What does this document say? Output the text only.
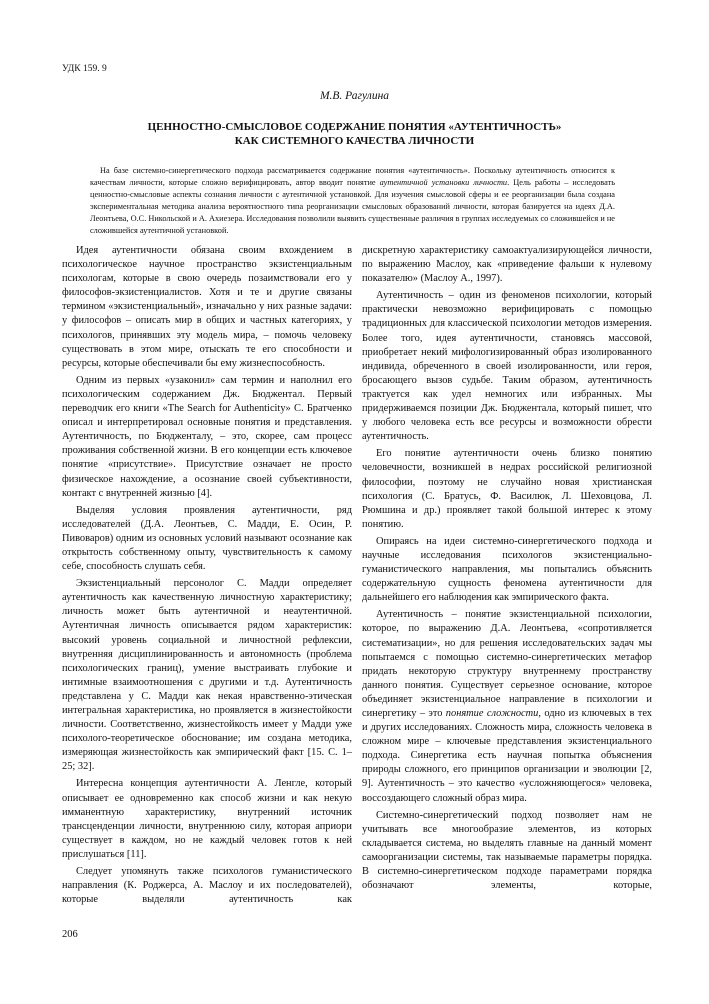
УДК 159. 9
М.В. Рагулина
ЦЕННОСТНО-СМЫСЛОВОЕ СОДЕРЖАНИЕ ПОНЯТИЯ «АУТЕНТИЧНОСТЬ»
КАК СИСТЕМНОГО КАЧЕСТВА ЛИЧНОСТИ

На базе системно-синергетического подхода рассматривается содержание понятия «аутентичность». Поскольку аутентичность относится к качествам личности, которые сложно верифицировать, автор вводит понятие аутентичной установки личности. Цель работы – исследовать ценностно-смысловые аспекты сознания личности с аутентичной установкой. Для изучения смысловой сферы и ее реорганизации была создана экспериментальная методика анализа вероятностного типа реорганизации смысловых образований личности, которая базируется на идеях Д.А. Леонтьева, О.С. Никольской и А. Ахиезера. Исследования позволили выявить существенные различия в группах исследуемых со сложившейся и не сложившейся аутентичной установкой.

Идея аутентичности обязана своим вхождением в психологическое научное пространство экзистенциальным психологам, которые в свою очередь позаимствовали его у философов-экзистенциалистов. Хотя и те и другие связаны термином «экзистенциальный», изначально у них разные задачи: у философов – описать мир в общих и частных категориях, у психологов, принявших эту модель мира, – помочь человеку существовать в этом мире, отыскать те его способности и ресурсы, которые обеспечивали бы ему жизнеспособность.

Одним из первых «узаконил» сам термин и наполнил его психологическим содержанием Дж. Бюджентал. Первый переводчик его книги «The Search for Authenticity» С. Братченко описал и интерпретировал основные понятия и представления. Аутентичность, по Бюдженталу, – это, скорее, сам процесс проживания собственной жизни. В его концепции есть ключевое понятие «присутствие». Присутствие означает не просто физическое нахождение, а осознание своей субъективности, контакт с внутренней жизнью [4].

Выделяя условия проявления аутентичности, ряд исследователей (Д.А. Леонтьев, С. Мадди, Е. Осин, Р. Пивоваров) одним из основных условий называют осознание как открытость собственному опыту, чувствительность к самому себе, способность слушать себя.

Экзистенциальный персонолог С. Мадди определяет аутентичность как качественную личностную характеристику; личность может быть аутентичной и неаутентичной. Аутентичная личность описывается рядом характеристик: высокий уровень социальной и личностной рефлексии, внутренняя дисциплинированность и автономность (проблема психологических границ), умение выстраивать глубокие и интимные взаимоотношения с другими и т.д. Аутентичность представлена у С. Мадди как некая нравственно-этическая интегральная характеристика, но проявляется в жизнестойкости личности. Соответственно, жизнестойкость имеет у Мадди уже психолого-теоретическое обоснование; им создана методика, измеряющая жизнестойкость как эмпирический факт [15. С. 1–25; 32].

Интересна концепция аутентичности А. Ленгле, который описывает ее одновременно как способ жизни и как некую имманентную характеристику, внутренний источник трансценденции личности, внутреннюю силу, которая априори существует в каждом, но не каждый человек готов к ней прислушаться [11].

Следует упомянуть также психологов гуманистического направления (К. Роджерса, А. Маслоу и их последователей), которые выделяли аутентичность как

дискретную характеристику самоактуализирующейся личности, по выражению Маслоу, как «приведение фальши к нулевому показателю» (Маслоу А., 1997).

Аутентичность – один из феноменов психологии, который практически невозможно верифицировать с помощью традиционных для классической психологии методов измерения. Более того, идея аутентичности, становясь массовой, приобретает некий мифологизированный образ изолированного индивида, обреченного в своей изолированности, или героя, бросающего вызов судьбе. Таким образом, аутентичность трактуется как удел немногих или избранных. Мы придерживаемся позиции Дж. Бюдженталa, который пишет, что у любого человека есть все ресурсы и возможности обрести аутентичность.

Его понятие аутентичности очень близко понятию человечности, возникшей в недрах российской религиозной философии, поэтому не случайно новая христианская психология (С. Братусь, Ф. Василюк, Л. Шеховцова, Л. Рюмшина и др.) проявляет такой большой интерес к этому понятию.

Опираясь на идеи системно-синергетического подхода и научные исследования психологов экзистенциально-гуманистического направления, мы попытались объяснить содержательную сущность феномена аутентичности для дальнейшего его наблюдения как эмпирического факта.

Аутентичность – понятие экзистенциальной психологии, которое, по выражению Д.А. Леонтьева, «сопротивляется систематизации», но для решения исследовательских задач мы попытаемся с помощью системно-синергетических метафор придать некоторую структуру внутреннему пространству данного понятия. Существует серьезное основание, которое объединяет экзистенциальное направление в психологии и синергетику – это понятие сложности, одно из ключевых в тех и других исследованиях. Сложность мира, сложность человека в сложном мире – ключевые представления экзистенциального подхода. Синергетика есть научная попытка объяснения природы сложного, его принципов организации и эволюции [2, 9]. Аутентичность – это качество «усложняющегося» человека, воссоздающего сложный образ мира.

Системно-синергетический подход позволяет нам не учитывать все многообразие элементов, из которых складывается система, но выделять главные на данный момент самоорганизации системы, так называемые параметры порядка. В системно-синергетическом подходе параметрами порядка обозначают элементы, которые,

206
